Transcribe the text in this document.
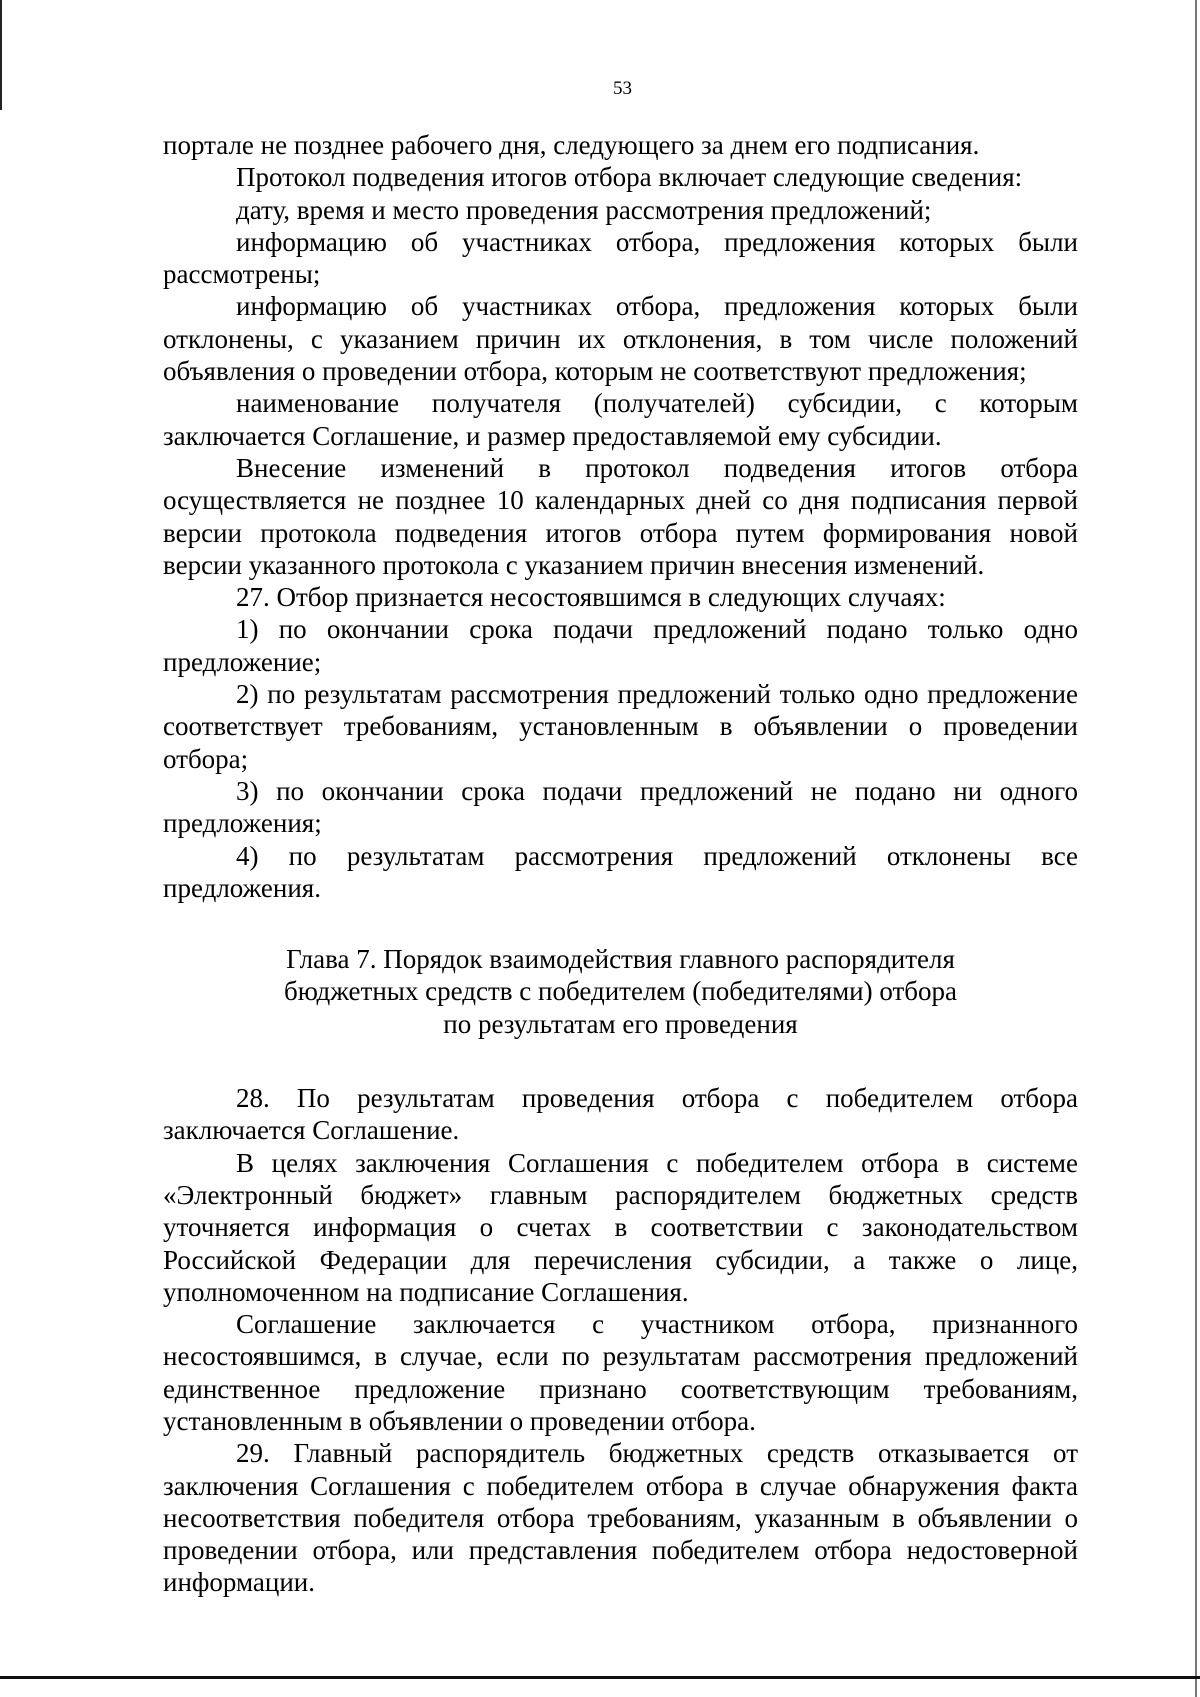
53

портале не позднее рабочего дня, следующего за днем его подписания.

Протокол подведения итогов отбора включает следующие сведения:

дату, время и место проведения рассмотрения предложений;

информацию об участниках отбора, предложения которых были рассмотрены;

информацию об участниках отбора, предложения которых были отклонены, с указанием причин их отклонения, в том числе положений объявления о проведении отбора, которым не соответствуют предложения;

наименование получателя (получателей) субсидии, с которым заключается Соглашение, и размер предоставляемой ему субсидии.

Внесение изменений в протокол подведения итогов отбора осуществляется не позднее 10 календарных дней со дня подписания первой версии протокола подведения итогов отбора путем формирования новой версии указанного протокола с указанием причин внесения изменений.

27. Отбор признается несостоявшимся в следующих случаях:

1) по окончании срока подачи предложений подано только одно предложение;

2) по результатам рассмотрения предложений только одно предложение соответствует требованиям, установленным в объявлении о проведении отбора;

3) по окончании срока подачи предложений не подано ни одного предложения;

4) по результатам рассмотрения предложений отклонены все предложения.

Глава 7. Порядок взаимодействия главного распорядителя
бюджетных средств с победителем (победителями) отбора
по результатам его проведения

28. По результатам проведения отбора с победителем отбора заключается Соглашение.

В целях заключения Соглашения с победителем отбора в системе «Электронный бюджет» главным распорядителем бюджетных средств уточняется информация о счетах в соответствии с законодательством Российской Федерации для перечисления субсидии, а также о лице, уполномоченном на подписание Соглашения.

Соглашение заключается с участником отбора, признанного несостоявшимся, в случае, если по результатам рассмотрения предложений единственное предложение признано соответствующим требованиям, установленным в объявлении о проведении отбора.

29. Главный распорядитель бюджетных средств отказывается от заключения Соглашения с победителем отбора в случае обнаружения факта несоответствия победителя отбора требованиям, указанным в объявлении о проведении отбора, или представления победителем отбора недостоверной информации.
